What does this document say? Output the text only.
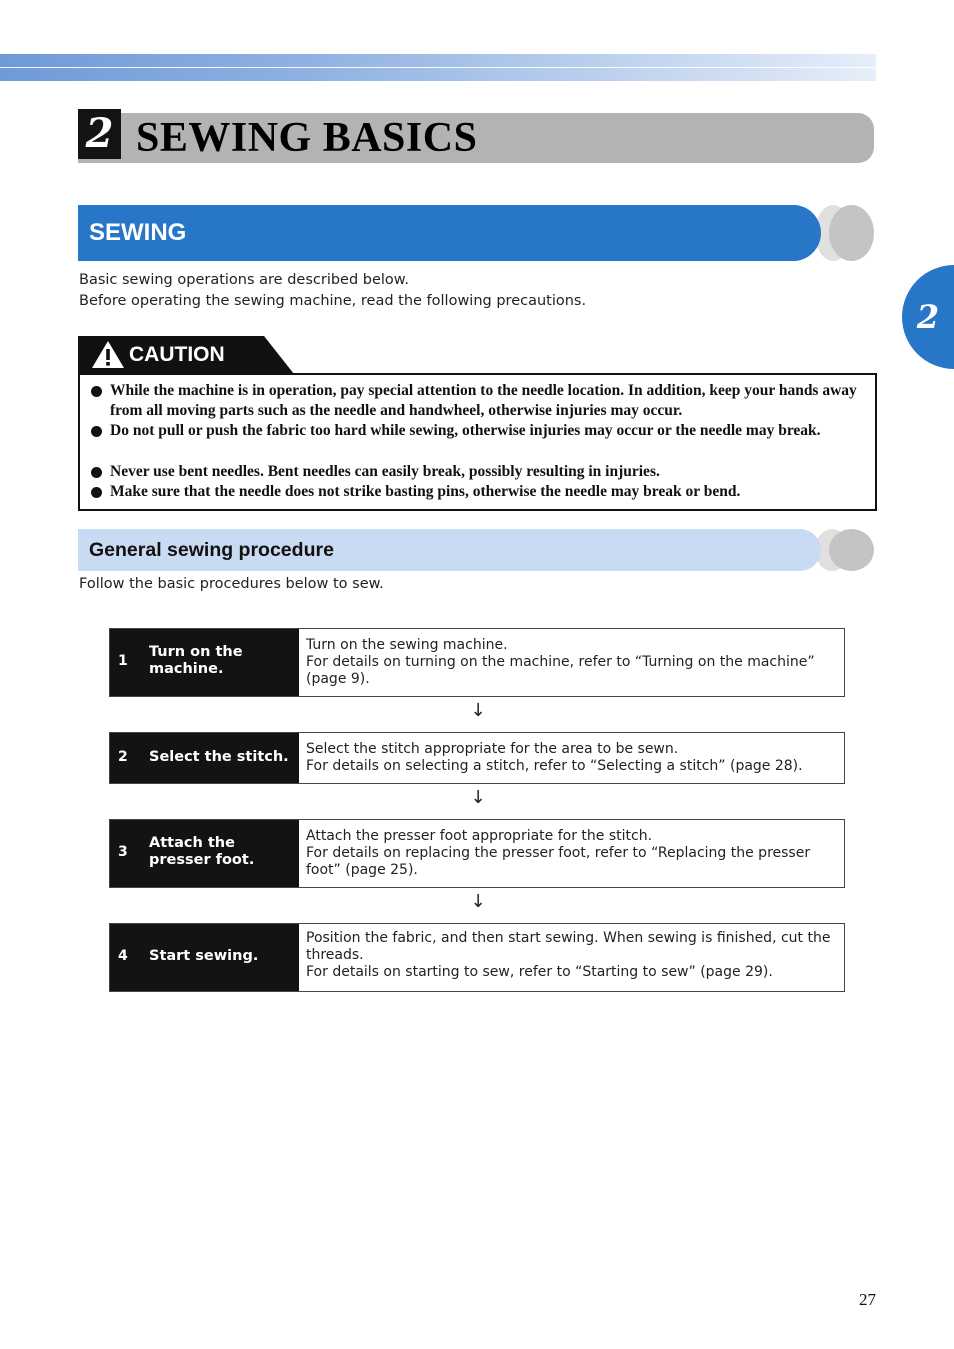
2 SEWING BASICS
SEWING
2
Basic sewing operations are described below.
Before operating the sewing machine, read the following precautions.
CAUTION
While the machine is in operation, pay special attention to the needle location. In addition, keep your hands away from all moving parts such as the needle and handwheel, otherwise injuries may occur.
Do not pull or push the fabric too hard while sewing, otherwise injuries may occur or the needle may break.
Never use bent needles. Bent needles can easily break, possibly resulting in injuries.
Make sure that the needle does not strike basting pins, otherwise the needle may break or bend.
General sewing procedure
Follow the basic procedures below to sew.
1
Turn on the machine.
Turn on the sewing machine.
For details on turning on the machine, refer to “Turning on the machine” (page 9).
↓
2 Select the stitch.	Select the stitch appropriate for the area to be sewn.
For details on selecting a stitch, refer to “Selecting a stitch” (page 28).
↓
3
Attach the presser foot.
Attach the presser foot appropriate for the stitch.
For details on replacing the presser foot, refer to “Replacing the presser foot” (page 25).
↓
4 Start sewing.
Position the fabric, and then start sewing. When sewing is finished, cut the threads.
For details on starting to sew, refer to “Starting to sew” (page 29).
27
